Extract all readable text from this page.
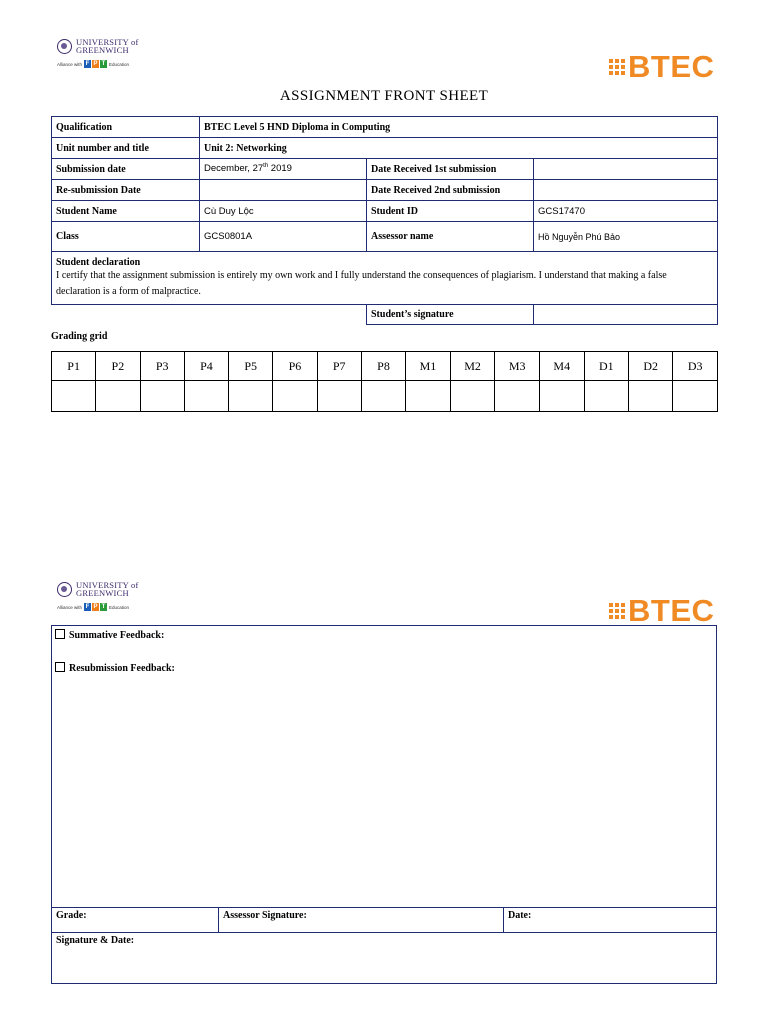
UNIVERSITY of
GREENWICH
Alliance with F P T Education	BTEC
ASSIGNMENT FRONT SHEET
Qualification	BTEC Level 5 HND Diploma in Computing		
Unit number and title	Unit 2: Networking		
Submission date	December, 27th 2019	Date Received 1st submission	
Re-submission Date		Date Received 2nd submission	
Student Name	Cù Duy Lộc	Student ID	GCS17470
Class	GCS0801A	Assessor name	Hồ Nguyễn Phú Bảo

Student declaration
I certify that the assignment submission is entirely my own work and I fully understand the consequences of plagiarism. I understand that making a false declaration is a form of malpractice.			

		Student’s signature	
Grading grid
P1	P2	P3	P4	P5	P6	P7	P8	M1	M2	M3	M4	D1	D2	D3

UNIVERSITY of
GREENWICH
Alliance with F P T Education	BTEC
Summative Feedback:
Resubmission Feedback:
Grade:	Assessor Signature:	Date:
Signature & Date:
